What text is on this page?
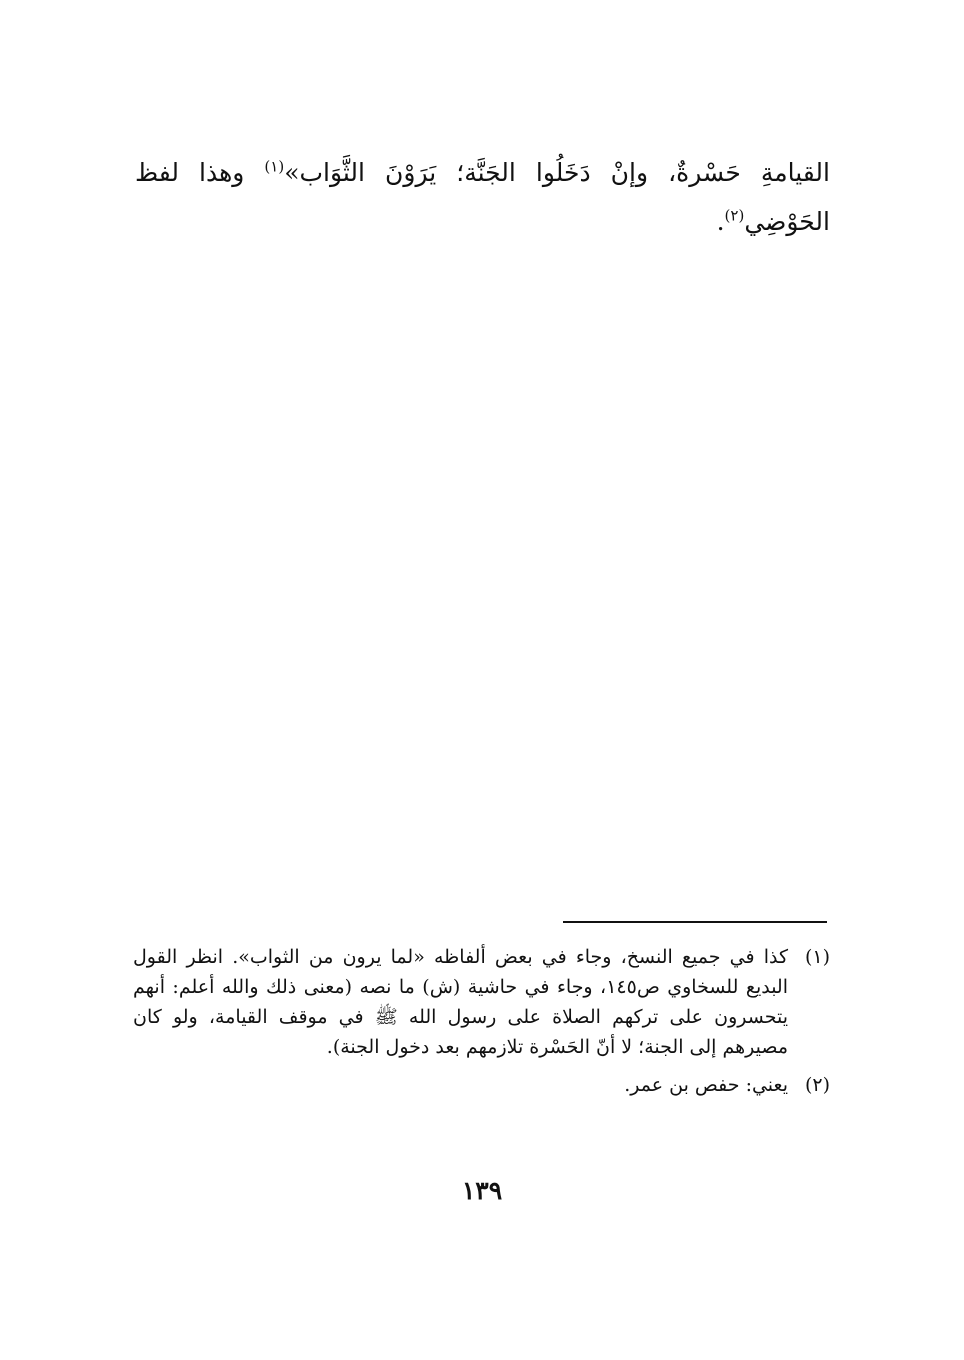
القيامةِ حَسْرةٌ، وإنْ دَخَلُوا الجَنَّة؛ يَرَوْنَ الثَّوَاب»$^{(١)}$ وهذا لفظ الحَوْضِي$^{(٢)}$.

(١)
كذا في جميع النسخ، وجاء في بعض ألفاظه «لما يرون من الثواب». انظر القول البديع للسخاوي ص١٤٥، وجاء في حاشية (ش) ما نصه (معنى ذلك والله أعلم: أنهم يتحسرون على تركهم الصلاة على رسول الله ﷺ في موقف القيامة، ولو كان مصيرهم إلى الجنة؛ لا أنّ الحَسْرة تلازمهم بعد دخول الجنة).
(٢)
يعني: حفص بن عمر.
١٣٩
